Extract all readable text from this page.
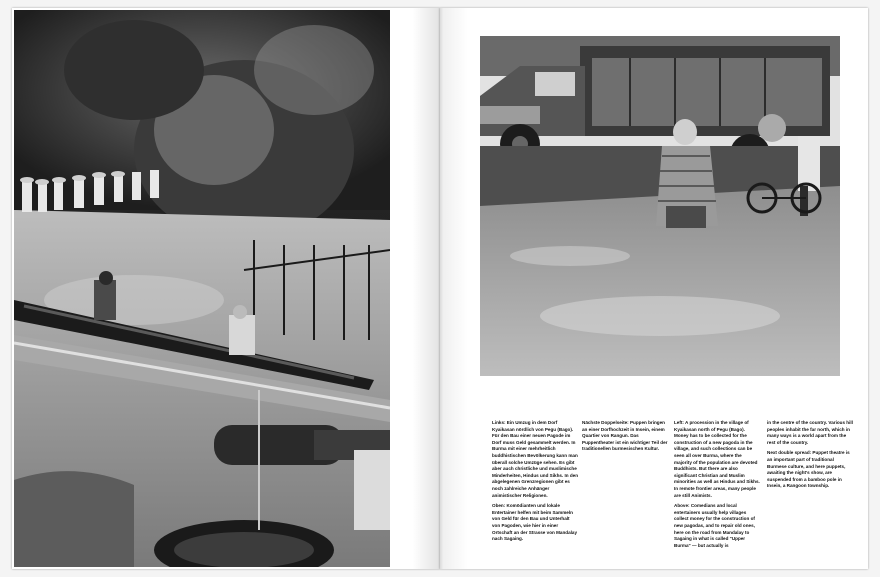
Links: Ein Umzug in dem Dorf Kyaikasan nördlich von Pegu (Bago). Für den Bau einer neuen Pagode im Dorf muss Geld gesammelt werden. In Burma mit einer mehrheitlich buddhistischen Bevölkerung kann man überall solche Umzüge sehen. Es gibt aber auch christliche und muslimische Minderheiten, Hindus und Sikhs. In den abgelegenen Grenzregionen gibt es noch zahlreiche Anhänger animistischer Religionen.

Oben: Komödianten und lokale Entertainer helfen mit beim Sammeln von Geld für den Bau und Unterhalt von Pagoden, wie hier in einer Ortschaft an der Strasse von Mandalay nach Sagaing.

Nächste Doppelseite: Puppen bringen an einer Dorfhochzeit in Insein, einem Quartier von Rangun. Das Puppentheater ist ein wichtiger Teil der traditionellen burmesischen Kultur.

Left: A procession in the village of Kyaikasan north of Pegu (Bago). Money has to be collected for the construction of a new pagoda in the village, and such collections can be seen all over Burma, where the majority of the population are devoted Buddhists. But there are also significant Christian and Muslim minorities as well as Hindus and Sikhs. In remote frontier areas, many people are still Animists.

Above: Comedians and local entertainers usually help villages collect money for the construction of new pagodas, and to repair old ones, here on the road from Mandalay to Sagaing in what is called "Upper Burma" — but actually is

in the centre of the country. Various hill peoples inhabit the far north, which in many ways is a world apart from the rest of the country.

Next double spread: Puppet theatre is an important part of traditional Burmese culture, and here puppets, awaiting the night's show, are suspended from a bamboo pole in Insein, a Rangoon township.
